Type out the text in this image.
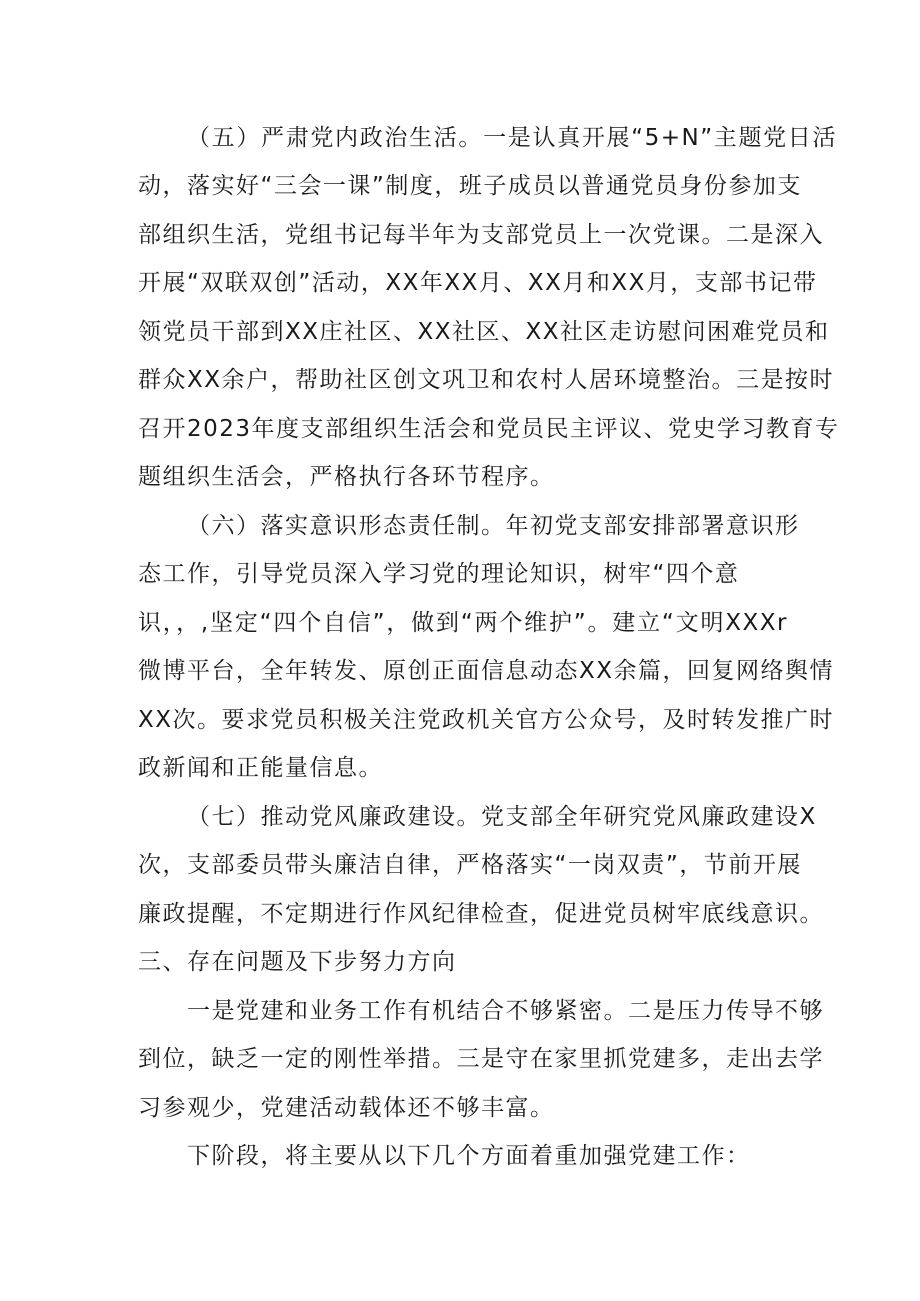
（五）严肃党内政治生活。一是认真开展“5+N”主题党日活
动，落实好“三会一课”制度，班子成员以普通党员身份参加支
部组织生活，党组书记每半年为支部党员上一次党课。二是深入
开展“双联双创”活动，XX年XX月、XX月和XX月，支部书记带
领党员干部到XX庄社区、XX社区、XX社区走访慰问困难党员和
群众XX余户，帮助社区创文巩卫和农村人居环境整治。三是按时
召开2023年度支部组织生活会和党员民主评议、党史学习教育专
题组织生活会，严格执行各环节程序。
（六）落实意识形态责任制。年初党支部安排部署意识形
态工作，引导党员深入学习党的理论知识，树牢“四个意
识，，,坚定“四个自信”，做到“两个维护”。建立“文明XXXr
微博平台，全年转发、原创正面信息动态XX余篇，回复网络舆情
XX次。要求党员积极关注党政机关官方公众号，及时转发推广时
政新闻和正能量信息。
（七）推动党风廉政建设。党支部全年研究党风廉政建设X
次，支部委员带头廉洁自律，严格落实“一岗双责”，节前开展
廉政提醒，不定期进行作风纪律检查，促进党员树牢底线意识。
三、存在问题及下步努力方向
一是党建和业务工作有机结合不够紧密。二是压力传导不够
到位，缺乏一定的刚性举措。三是守在家里抓党建多，走出去学
习参观少，党建活动载体还不够丰富。
下阶段，将主要从以下几个方面着重加强党建工作：
